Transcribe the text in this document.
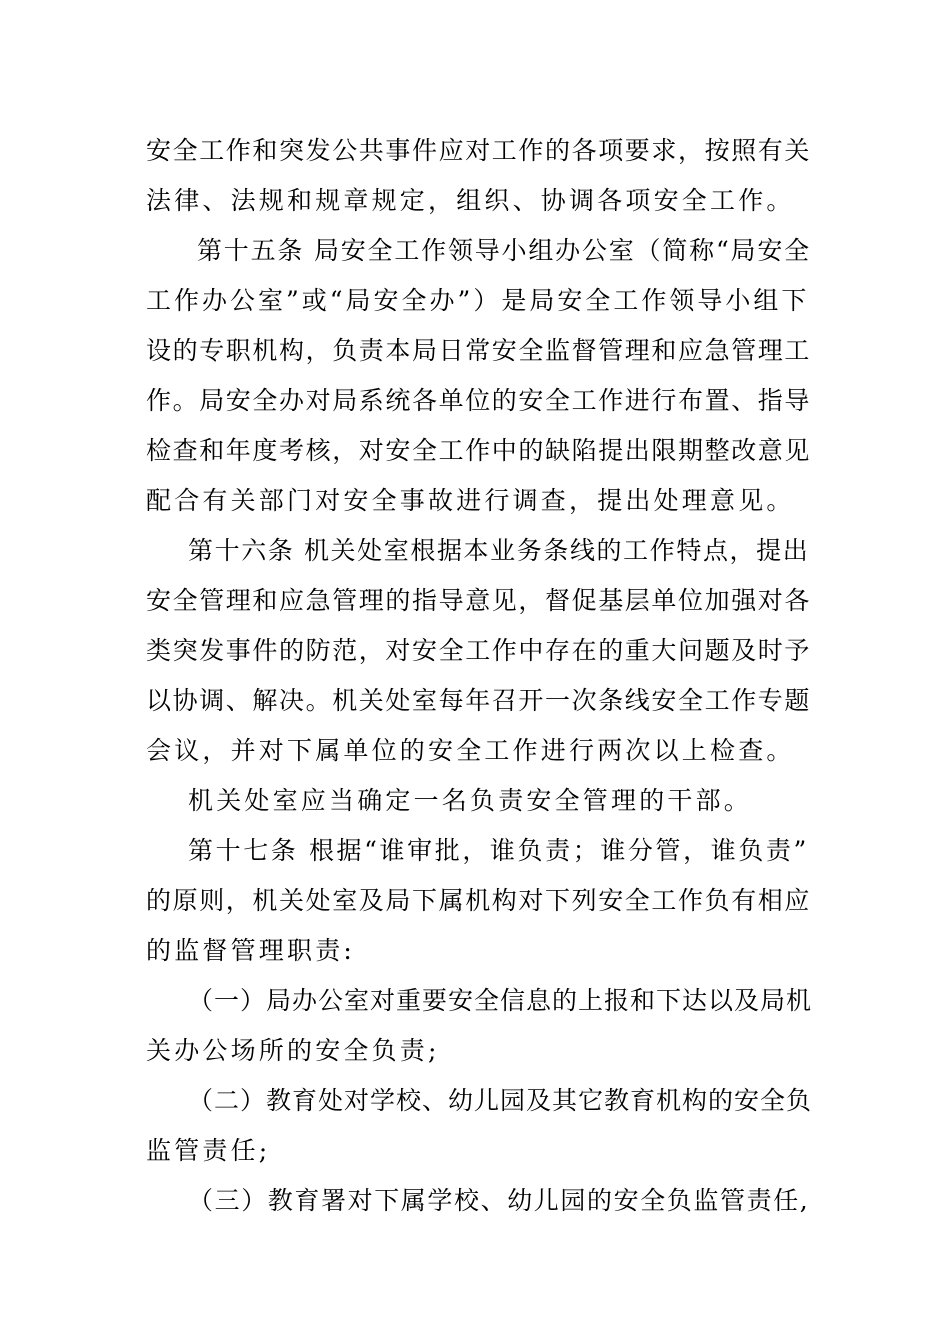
安全工作和突发公共事件应对工作的各项要求，按照有关
法律、法规和规章规定，组织、协调各项安全工作。
第十五条 局安全工作领导小组办公室（简称“局安全
工作办公室”或“局安全办”）是局安全工作领导小组下
设的专职机构，负责本局日常安全监督管理和应急管理工
作。局安全办对局系统各单位的安全工作进行布置、指导
检查和年度考核，对安全工作中的缺陷提出限期整改意见
配合有关部门对安全事故进行调查，提出处理意见。
第十六条 机关处室根据本业务条线的工作特点，提出
安全管理和应急管理的指导意见，督促基层单位加强对各
类突发事件的防范，对安全工作中存在的重大问题及时予
以协调、解决。机关处室每年召开一次条线安全工作专题
会议，并对下属单位的安全工作进行两次以上检查。
机关处室应当确定一名负责安全管理的干部。
第十七条 根据“谁审批，谁负责；谁分管，谁负责”
的原则，机关处室及局下属机构对下列安全工作负有相应
的监督管理职责:
（一）局办公室对重要安全信息的上报和下达以及局机
关办公场所的安全负责;
（二）教育处对学校、幼儿园及其它教育机构的安全负
监管责任;
（三）教育署对下属学校、幼儿园的安全负监管责任,
